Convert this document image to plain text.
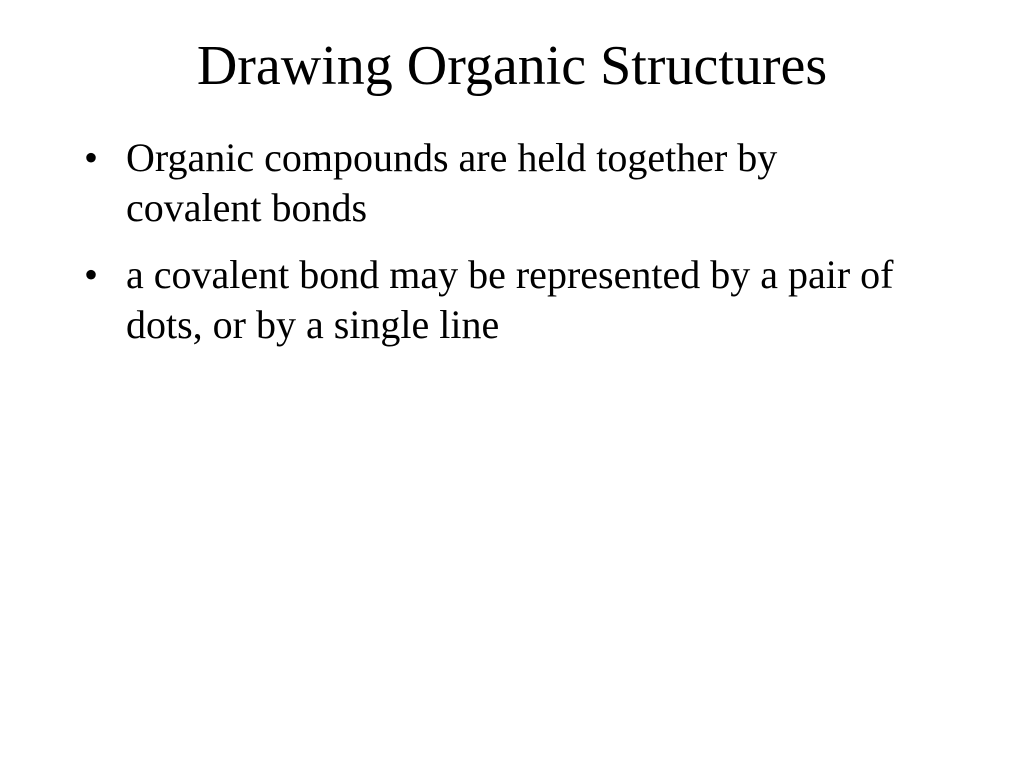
Drawing Organic Structures
• Organic compounds are held together by covalent bonds
• a covalent bond may be represented by a pair of dots, or by a single line
